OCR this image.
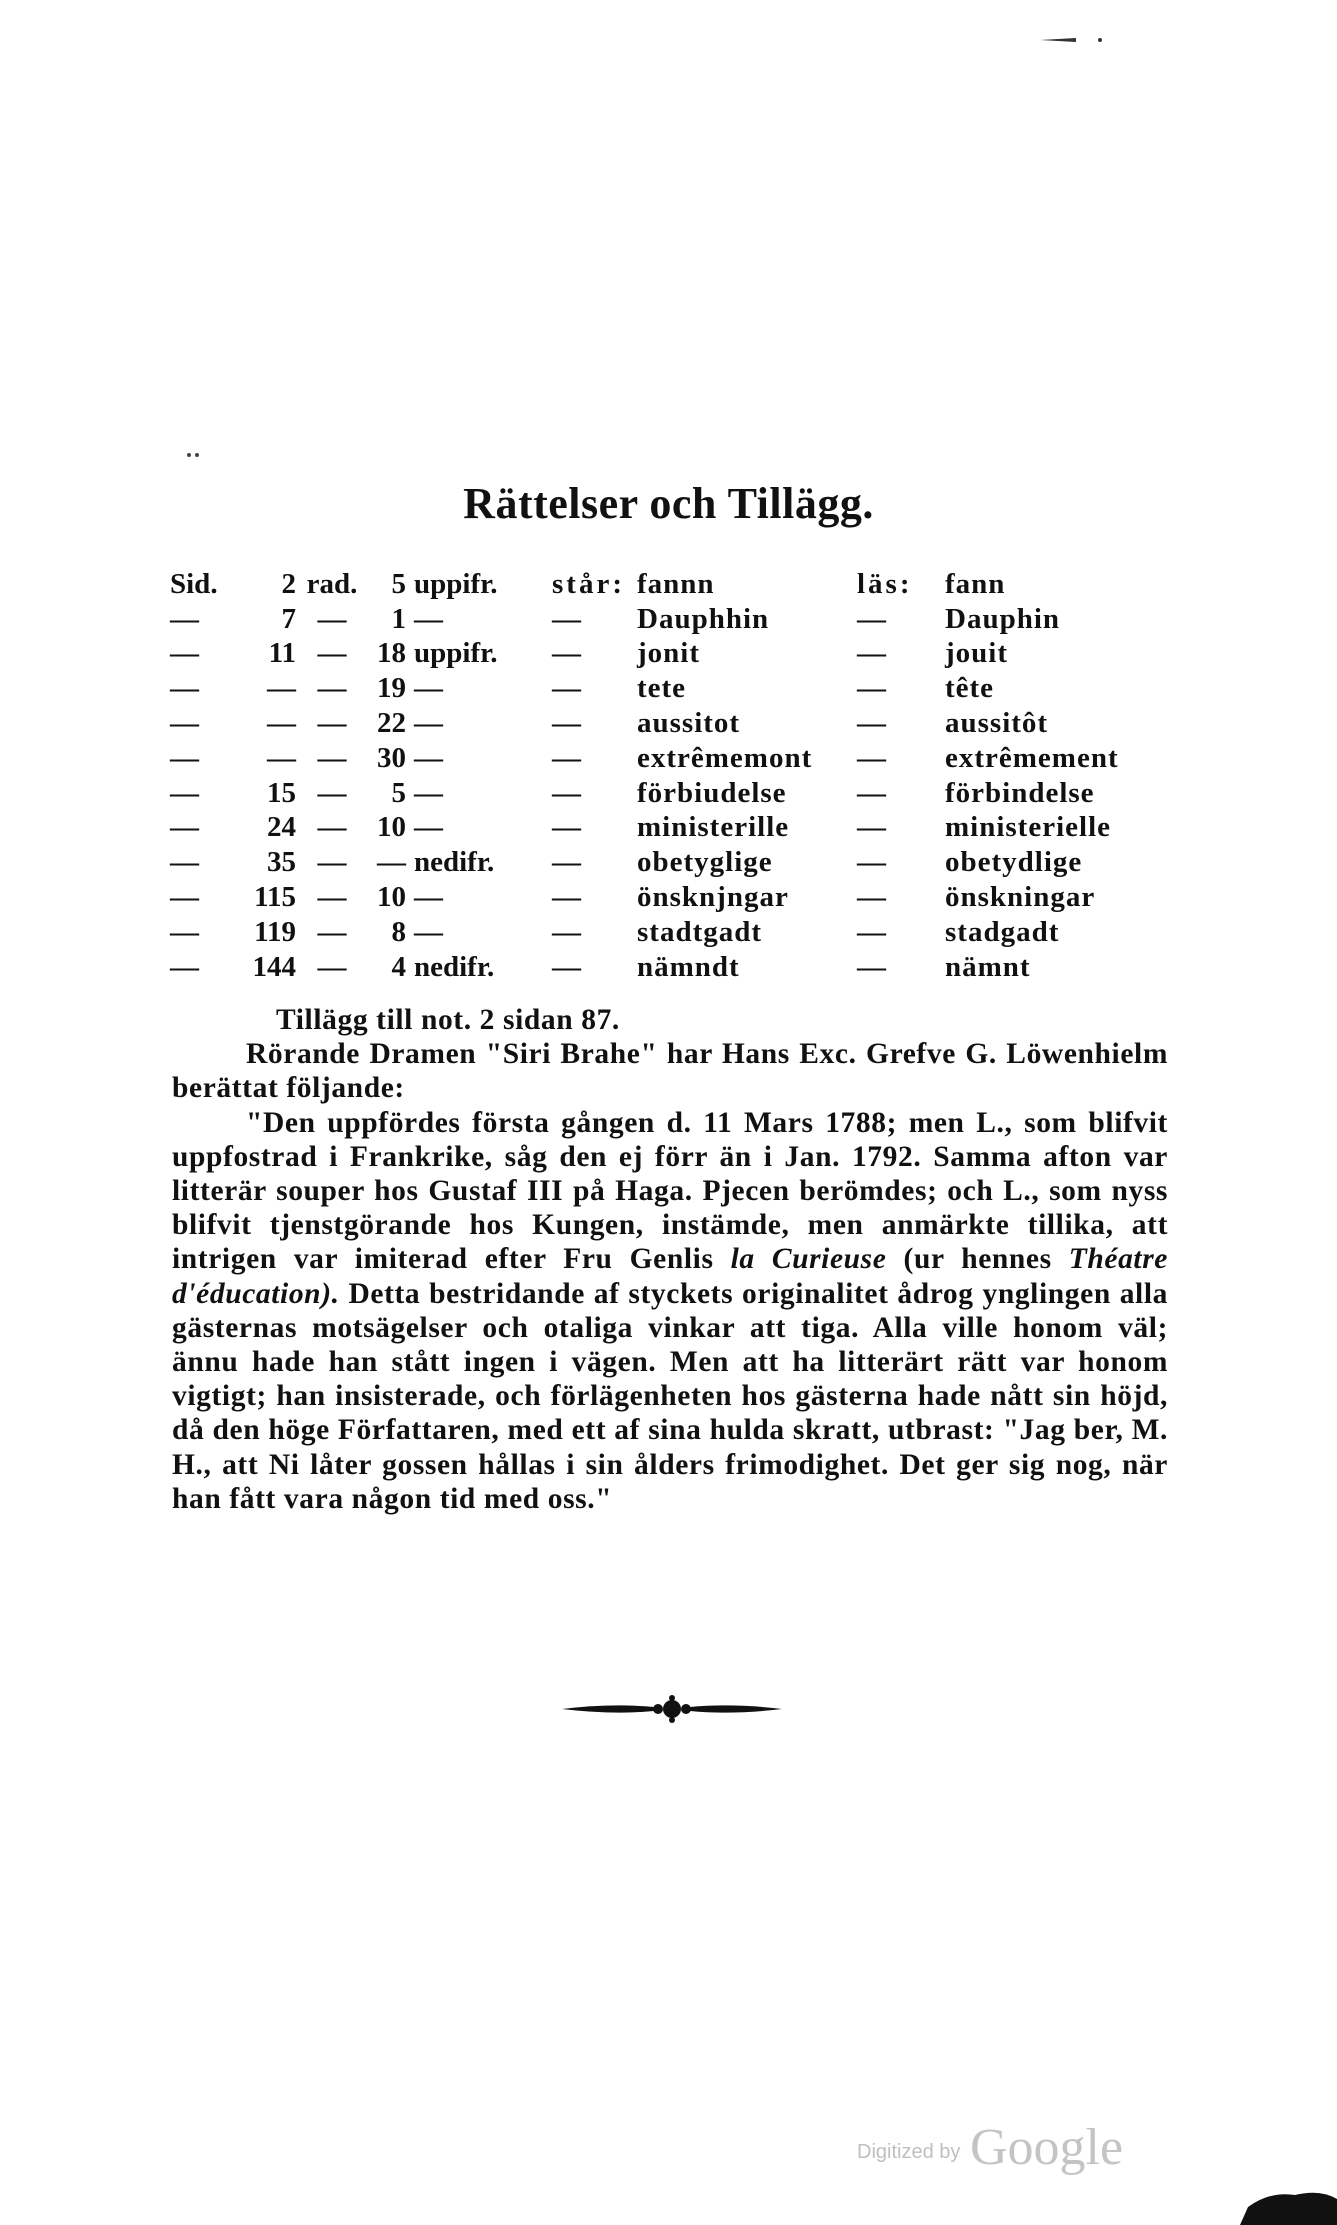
Rättelser och Tillägg.
Sid.	2	rad.	5	uppifr.	står:	fannn	läs:	fann
—	7	—	1	—	—	Dauphhin	—	Dauphin
—	11	—	18	uppifr.	—	jonit	—	jouit
—	—	—	19	—	—	tete	—	tête
—	—	—	22	—	—	aussitot	—	aussitôt
—	—	—	30	—	—	extrêmemont	—	extrêmement
—	15	—	5	—	—	förbiudelse	—	förbindelse
—	24	—	10	—	—	ministerille	—	ministerielle
—	35	—	—	nedifr.	—	obetyglige	—	obetydlige
—	115	—	10	—	—	önsknjngar	—	önskningar
—	119	—	8	—	—	stadtgadt	—	stadgadt
—	144	—	4	nedifr.	—	nämndt	—	nämnt

Tillägg till not. 2 sidan 87.

Rörande Dramen "Siri Brahe" har Hans Exc. Grefve G. Löwenhielm berättat följande:

"Den uppfördes första gången d. 11 Mars 1788; men L., som blifvit uppfostrad i Frankrike, såg den ej förr än i Jan. 1792. Samma afton var litterär souper hos Gustaf III på Haga. Pjecen berömdes; och L., som nyss blifvit tjenstgörande hos Kungen, instämde, men anmärkte tillika, att intrigen var imiterad efter Fru Genlis la Curieuse (ur hennes Théatre d'éducation). Detta bestridande af styckets originalitet ådrog ynglingen alla gästernas motsägelser och otaliga vinkar att tiga. Alla ville honom väl; ännu hade han stått ingen i vägen. Men att ha litterärt rätt var honom vigtigt; han insisterade, och förlägenheten hos gästerna hade nått sin höjd, då den höge Författaren, med ett af sina hulda skratt, utbrast: "Jag ber, M. H., att Ni låter gossen hållas i sin ålders frimodighet. Det ger sig nog, när han fått vara någon tid med oss."

Digitized by Google
